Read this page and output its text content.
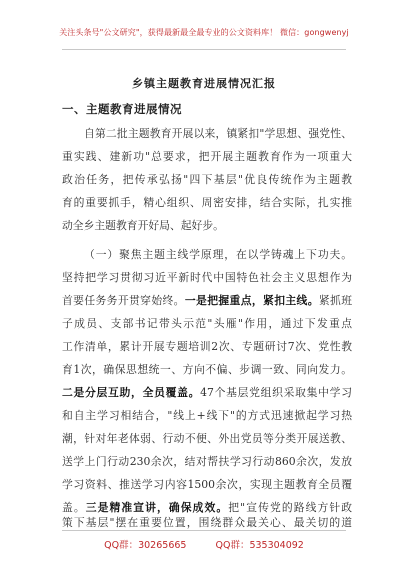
关注头条号"公文研究"，获得最新最全最专业的公文资料库！ 微信：gongwenyj
乡镇主题教育进展情况汇报
一、主题教育进展情况
自第二批主题教育开展以来，镇紧扣"学思想、强党性、
重实践、建新功"总要求，把开展主题教育作为一项重大
政治任务，把传承弘扬"四下基层"优良传统作为主题教
育的重要抓手，精心组织、周密安排，结合实际，扎实推
动全乡主题教育开好局、起好步。
（一）聚焦主题主线学原理，在以学铸魂上下功夫。
坚持把学习贯彻习近平新时代中国特色社会主义思想作为
首要任务务开贯穿始终。一是把握重点，紧扣主线。紧抓班
子成员、支部书记带头示范"头雁"作用，通过下发重点
工作清单，累计开展专题培训2次、专题研讨7次、党性教
育1次，确保思想统一、方向不偏、步调一致、同向发力。
二是分层互助，全员覆盖。47个基层党组织采取集中学习
和自主学习相结合，"线上+线下"的方式迅速掀起学习热
潮，针对年老体弱、行动不便、外出党员等分类开展送教、
送学上门行动230余次，结对帮扶学习行动860余次，发放
学习资料、推送学习内容1500余次，实现主题教育全员覆
盖。三是精准宣讲，确保成效。把"宣传党的路线方针政
策下基层"摆在重要位置，围绕群众最关心、最关切的道
QQ群：30265665	QQ群：535304092
